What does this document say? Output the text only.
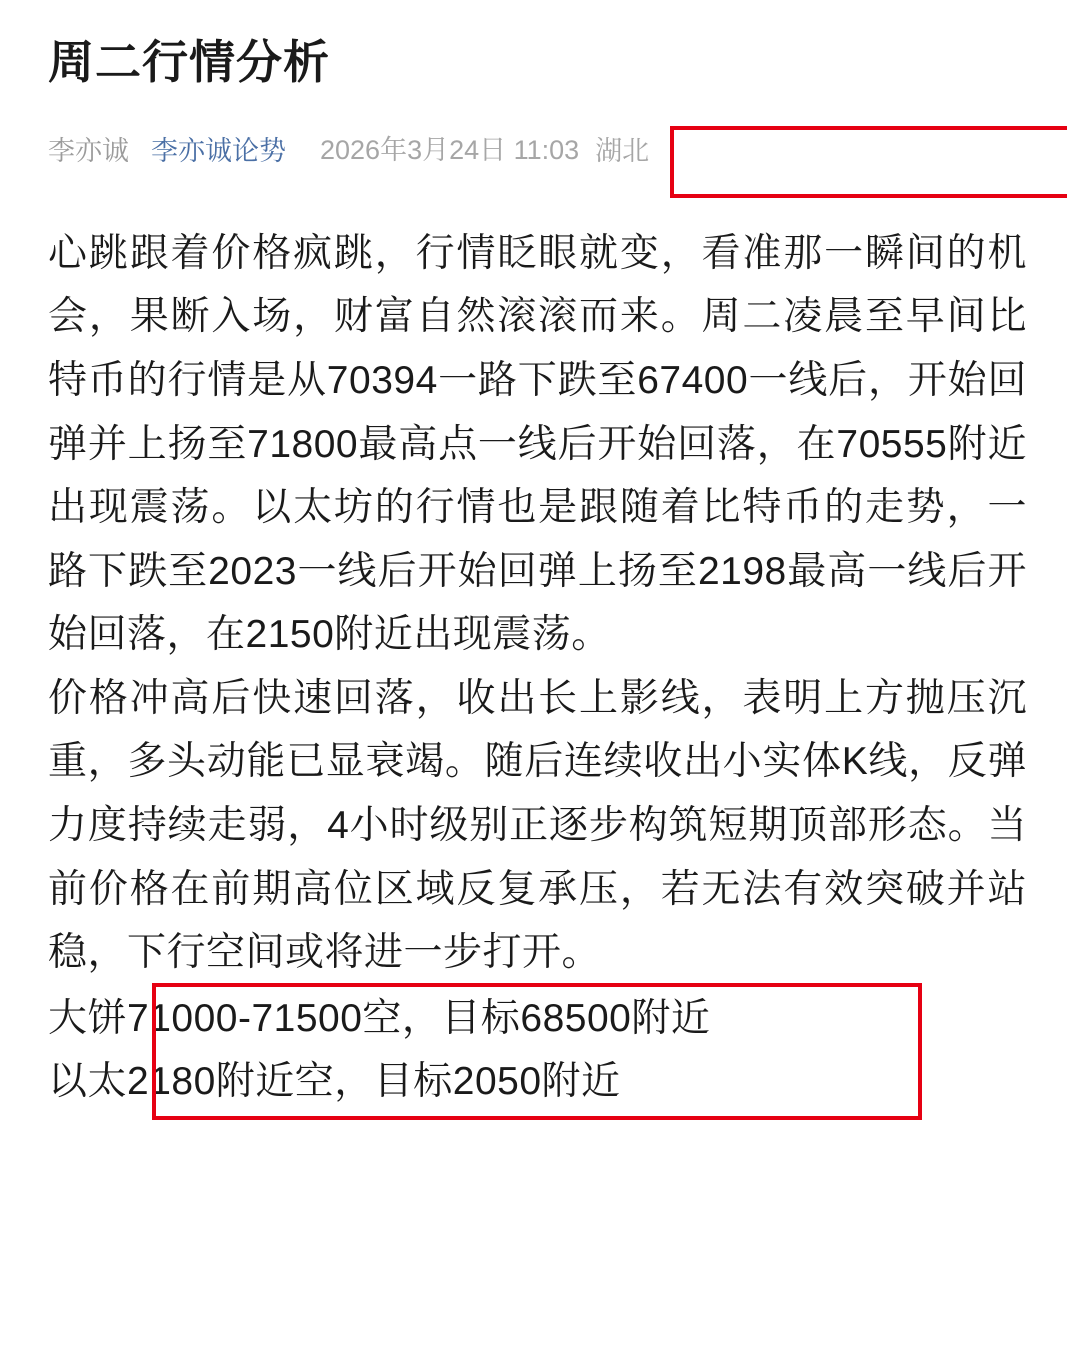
周二行情分析
李亦诚 李亦诚论势	2026年3月24日 11:03 湖北

心跳跟着价格疯跳，行情眨眼就变，看准那一瞬间的机会，果断入场，财富自然滚滚而来。周二凌晨至早间比特币的行情是从70394一路下跌至67400一线后，开始回弹并上扬至71800最高点一线后开始回落，在70555附近出现震荡。以太坊的行情也是跟随着比特币的走势，一路下跌至2023一线后开始回弹上扬至2198最高一线后开始回落，在2150附近出现震荡。

价格冲高后快速回落，收出长上影线，表明上方抛压沉重，多头动能已显衰竭。随后连续收出小实体K线，反弹力度持续走弱，4小时级别正逐步构筑短期顶部形态。当前价格在前期高位区域反复承压，若无法有效突破并站稳，下行空间或将进一步打开。

大饼71000-71500空，目标68500附近
以太2180附近空，目标2050附近
